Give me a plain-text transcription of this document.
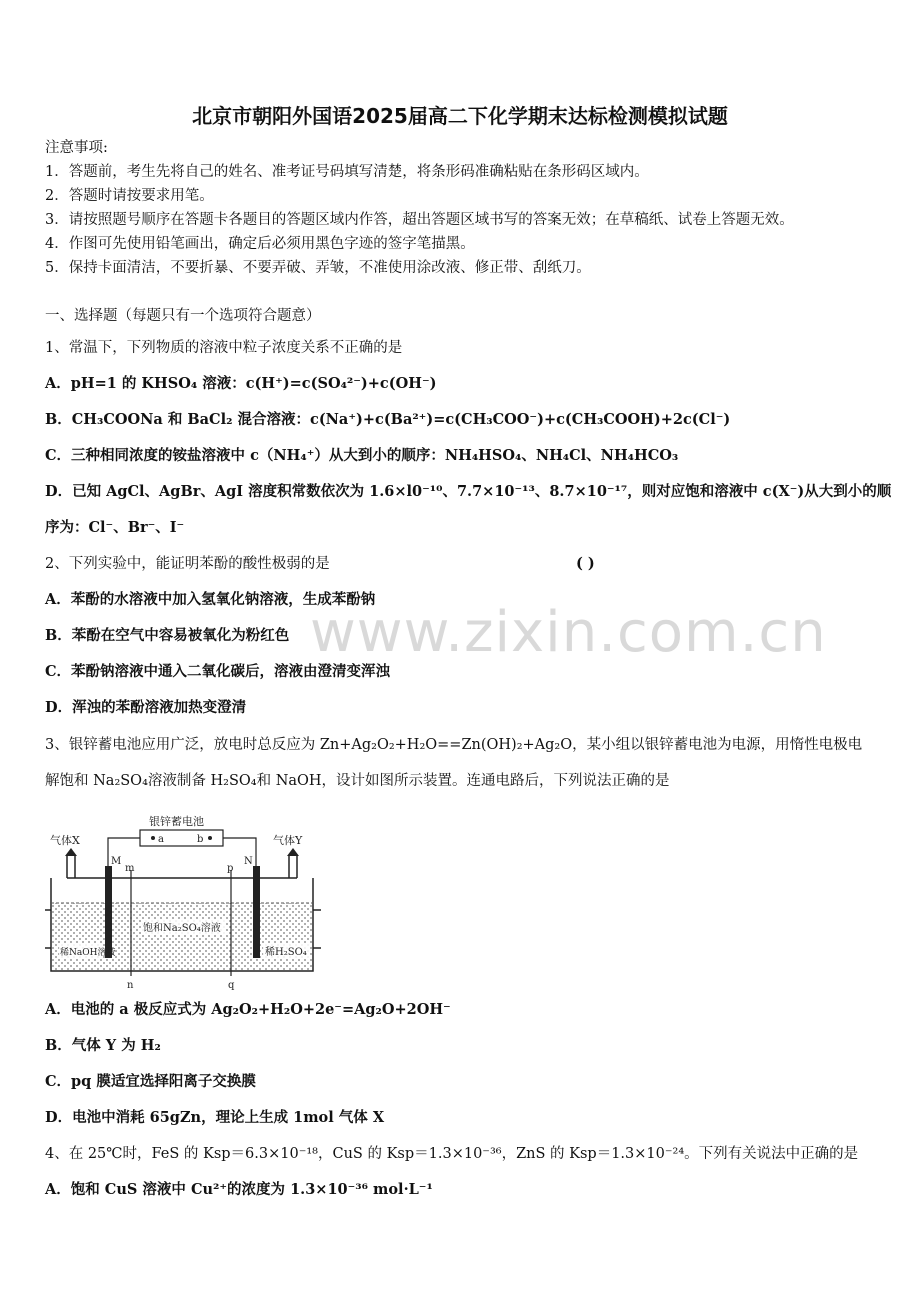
北京市朝阳外国语2025届高二下化学期末达标检测模拟试题
www.zixin.com.cn
注意事项:
1．答题前，考生先将自己的姓名、准考证号码填写清楚，将条形码准确粘贴在条形码区域内。
2．答题时请按要求用笔。
3．请按照题号顺序在答题卡各题目的答题区域内作答，超出答题区域书写的答案无效；在草稿纸、试卷上答题无效。
4．作图可先使用铅笔画出，确定后必须用黑色字迹的签字笔描黑。
5．保持卡面清洁，不要折暴、不要弄破、弄皱，不准使用涂改液、修正带、刮纸刀。
一、选择题（每题只有一个选项符合题意）
1、常温下，下列物质的溶液中粒子浓度关系不正确的是
A．pH=1 的 KHSO₄ 溶液：c(H⁺)=c(SO₄²⁻)+c(OH⁻)
B．CH₃COONa 和 BaCl₂ 混合溶液：c(Na⁺)+c(Ba²⁺)=c(CH₃COO⁻)+c(CH₃COOH)+2c(Cl⁻)
C．三种相同浓度的铵盐溶液中 c（NH₄⁺）从大到小的顺序：NH₄HSO₄、NH₄Cl、NH₄HCO₃
D．已知 AgCl、AgBr、AgI 溶度积常数依次为 1.6×l0⁻¹⁰、7.7×10⁻¹³、8.7×10⁻¹⁷，则对应饱和溶液中 c(X⁻)从大到小的顺
序为：Cl⁻、Br⁻、I⁻
2、下列实验中，能证明苯酚的酸性极弱的是	( )
A．苯酚的水溶液中加入氢氧化钠溶液，生成苯酚钠
B．苯酚在空气中容易被氧化为粉红色
C．苯酚钠溶液中通入二氧化碳后，溶液由澄清变浑浊
D．浑浊的苯酚溶液加热变澄清
3、银锌蓄电池应用广泛，放电时总反应为 Zn+Ag₂O₂+H₂O==Zn(OH)₂+Ag₂O，某小组以银锌蓄电池为电源，用惰性电极电
解饱和 Na₂SO₄溶液制备 H₂SO₄和 NaOH，设计如图所示装置。连通电路后，下列说法正确的是
银锌蓄电池
a	b
气体X	气体Y
M
m	p
N
n	q
稀NaOH溶液
饱和Na₂SO₄溶液
稀H₂SO₄
A．电池的 a 极反应式为 Ag₂O₂+H₂O+2e⁻=Ag₂O+2OH⁻
B．气体 Y 为 H₂
C．pq 膜适宜选择阳离子交换膜
D．电池中消耗 65gZn，理论上生成 1mol 气体 X
4、在 25℃时，FeS 的 Ksp＝6.3×10⁻¹⁸，CuS 的 Ksp＝1.3×10⁻³⁶，ZnS 的 Ksp＝1.3×10⁻²⁴。下列有关说法中正确的是
A．饱和 CuS 溶液中 Cu²⁺的浓度为 1.3×10⁻³⁶ mol·L⁻¹
